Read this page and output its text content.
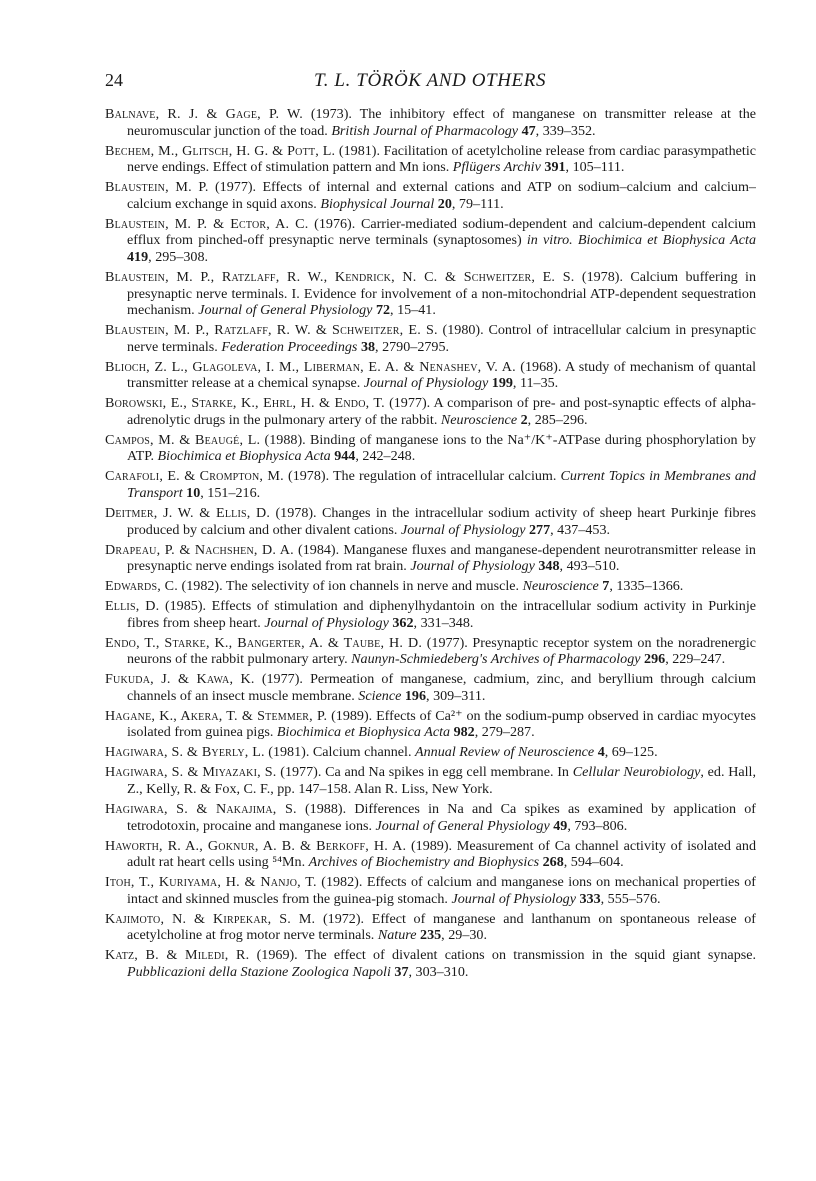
24	T. L. TÖRÖK AND OTHERS

Balnave, R. J. & Gage, P. W. (1973). The inhibitory effect of manganese on transmitter release at the neuromuscular junction of the toad. British Journal of Pharmacology 47, 339–352.

Bechem, M., Glitsch, H. G. & Pott, L. (1981). Facilitation of acetylcholine release from cardiac parasympathetic nerve endings. Effect of stimulation pattern and Mn ions. Pflügers Archiv 391, 105–111.

Blaustein, M. P. (1977). Effects of internal and external cations and ATP on sodium–calcium and calcium–calcium exchange in squid axons. Biophysical Journal 20, 79–111.

Blaustein, M. P. & Ector, A. C. (1976). Carrier-mediated sodium-dependent and calcium-dependent calcium efflux from pinched-off presynaptic nerve terminals (synaptosomes) in vitro. Biochimica et Biophysica Acta 419, 295–308.

Blaustein, M. P., Ratzlaff, R. W., Kendrick, N. C. & Schweitzer, E. S. (1978). Calcium buffering in presynaptic nerve terminals. I. Evidence for involvement of a non-mitochondrial ATP-dependent sequestration mechanism. Journal of General Physiology 72, 15–41.

Blaustein, M. P., Ratzlaff, R. W. & Schweitzer, E. S. (1980). Control of intracellular calcium in presynaptic nerve terminals. Federation Proceedings 38, 2790–2795.

Blioch, Z. L., Glagoleva, I. M., Liberman, E. A. & Nenashev, V. A. (1968). A study of mechanism of quantal transmitter release at a chemical synapse. Journal of Physiology 199, 11–35.

Borowski, E., Starke, K., Ehrl, H. & Endo, T. (1977). A comparison of pre- and post-synaptic effects of alpha-adrenolytic drugs in the pulmonary artery of the rabbit. Neuroscience 2, 285–296.

Campos, M. & Beaugé, L. (1988). Binding of manganese ions to the Na⁺/K⁺-ATPase during phosphorylation by ATP. Biochimica et Biophysica Acta 944, 242–248.

Carafoli, E. & Crompton, M. (1978). The regulation of intracellular calcium. Current Topics in Membranes and Transport 10, 151–216.

Deitmer, J. W. & Ellis, D. (1978). Changes in the intracellular sodium activity of sheep heart Purkinje fibres produced by calcium and other divalent cations. Journal of Physiology 277, 437–453.

Drapeau, P. & Nachshen, D. A. (1984). Manganese fluxes and manganese-dependent neurotransmitter release in presynaptic nerve endings isolated from rat brain. Journal of Physiology 348, 493–510.

Edwards, C. (1982). The selectivity of ion channels in nerve and muscle. Neuroscience 7, 1335–1366.

Ellis, D. (1985). Effects of stimulation and diphenylhydantoin on the intracellular sodium activity in Purkinje fibres from sheep heart. Journal of Physiology 362, 331–348.

Endo, T., Starke, K., Bangerter, A. & Taube, H. D. (1977). Presynaptic receptor system on the noradrenergic neurons of the rabbit pulmonary artery. Naunyn-Schmiedeberg's Archives of Pharmacology 296, 229–247.

Fukuda, J. & Kawa, K. (1977). Permeation of manganese, cadmium, zinc, and beryllium through calcium channels of an insect muscle membrane. Science 196, 309–311.

Hagane, K., Akera, T. & Stemmer, P. (1989). Effects of Ca²⁺ on the sodium-pump observed in cardiac myocytes isolated from guinea pigs. Biochimica et Biophysica Acta 982, 279–287.

Hagiwara, S. & Byerly, L. (1981). Calcium channel. Annual Review of Neuroscience 4, 69–125.

Hagiwara, S. & Miyazaki, S. (1977). Ca and Na spikes in egg cell membrane. In Cellular Neurobiology, ed. Hall, Z., Kelly, R. & Fox, C. F., pp. 147–158. Alan R. Liss, New York.

Hagiwara, S. & Nakajima, S. (1988). Differences in Na and Ca spikes as examined by application of tetrodotoxin, procaine and manganese ions. Journal of General Physiology 49, 793–806.

Haworth, R. A., Goknur, A. B. & Berkoff, H. A. (1989). Measurement of Ca channel activity of isolated and adult rat heart cells using ⁵⁴Mn. Archives of Biochemistry and Biophysics 268, 594–604.

Itoh, T., Kuriyama, H. & Nanjo, T. (1982). Effects of calcium and manganese ions on mechanical properties of intact and skinned muscles from the guinea-pig stomach. Journal of Physiology 333, 555–576.

Kajimoto, N. & Kirpekar, S. M. (1972). Effect of manganese and lanthanum on spontaneous release of acetylcholine at frog motor nerve terminals. Nature 235, 29–30.

Katz, B. & Miledi, R. (1969). The effect of divalent cations on transmission in the squid giant synapse. Pubblicazioni della Stazione Zoologica Napoli 37, 303–310.
